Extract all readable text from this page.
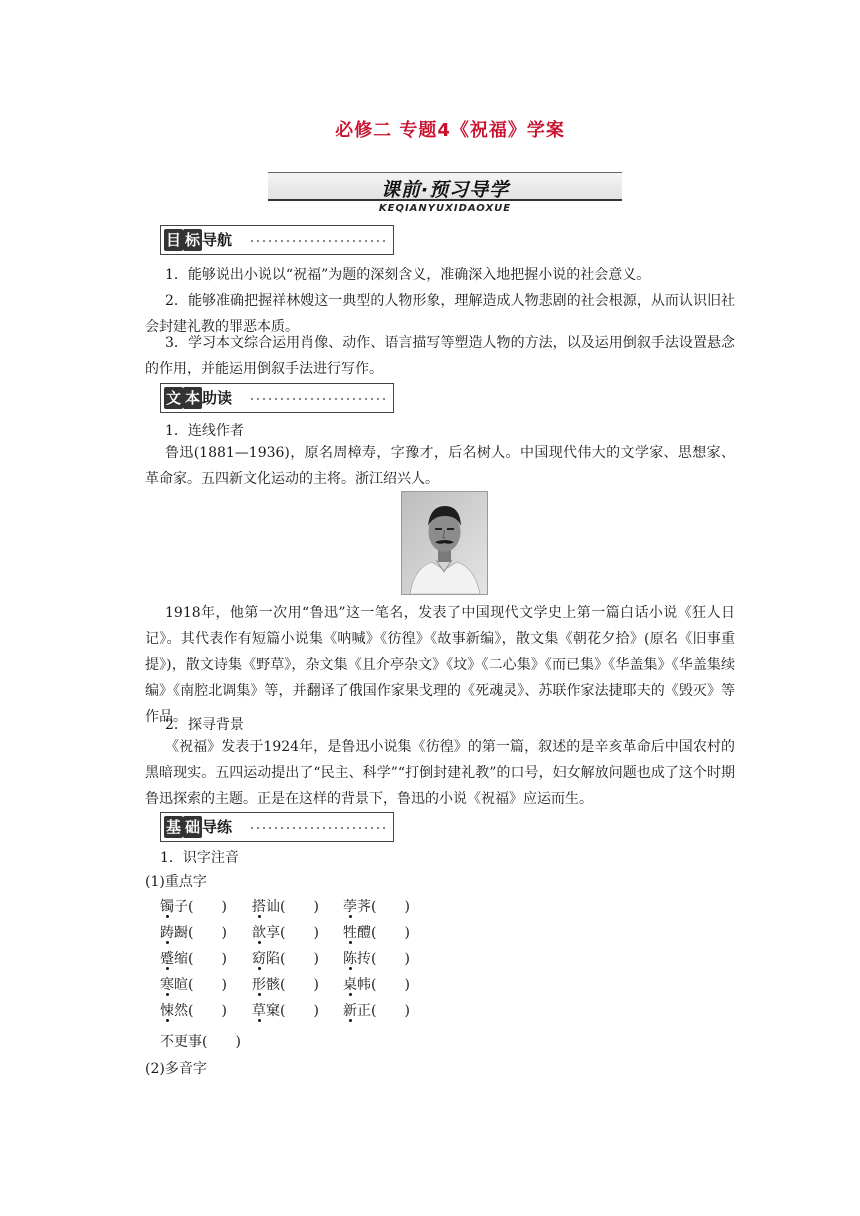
必修二 专题4《祝福》学案
课前·预习导学
KEQIANYUXIDAOXUE
目 标 导航
1．能够说出小说以“祝福”为题的深刻含义，准确深入地把握小说的社会意义。
2．能够准确把握祥林嫂这一典型的人物形象，理解造成人物悲剧的社会根源，从而认识旧社会封建礼教的罪恶本质。
3．学习本文综合运用肖像、动作、语言描写等塑造人物的方法，以及运用倒叙手法设置悬念的作用，并能运用倒叙手法进行写作。
文 本 助读
1．连线作者
鲁迅(1881—1936)，原名周樟寿，字豫才，后名树人。中国现代伟大的文学家、思想家、革命家。五四新文化运动的主将。浙江绍兴人。
1918年，他第一次用“鲁迅”这一笔名，发表了中国现代文学史上第一篇白话小说《狂人日记》。其代表作有短篇小说集《呐喊》《彷徨》《故事新编》，散文集《朝花夕拾》(原名《旧事重提》)，散文诗集《野草》，杂文集《且介亭杂文》《坟》《二心集》《而已集》《华盖集》《华盖集续编》《南腔北调集》等，并翻译了俄国作家果戈理的《死魂灵》、苏联作家法捷耶夫的《毁灭》等作品。
2．探寻背景
《祝福》发表于1924年，是鲁迅小说集《彷徨》的第一篇，叙述的是辛亥革命后中国农村的黑暗现实。五四运动提出了“民主、科学”“打倒封建礼教”的口号，妇女解放问题也成了这个时期鲁迅探索的主题。正是在这样的背景下，鲁迅的小说《祝福》应运而生。
基 础 导练
1．识字注音
(1)重点字
镯子(　　) 搭讪(　　) 荸荠(　　)
踌蹰(　　) 歆享(　　) 牲醴(　　)
蹙缩(　　) 窈陷(　　) 陈抟(　　)
寒暄(　　) 形骸(　　) 桌帏(　　)
悚然(　　) 草窠(　　) 新正(　　)
不更事(　　)
(2)多音字
